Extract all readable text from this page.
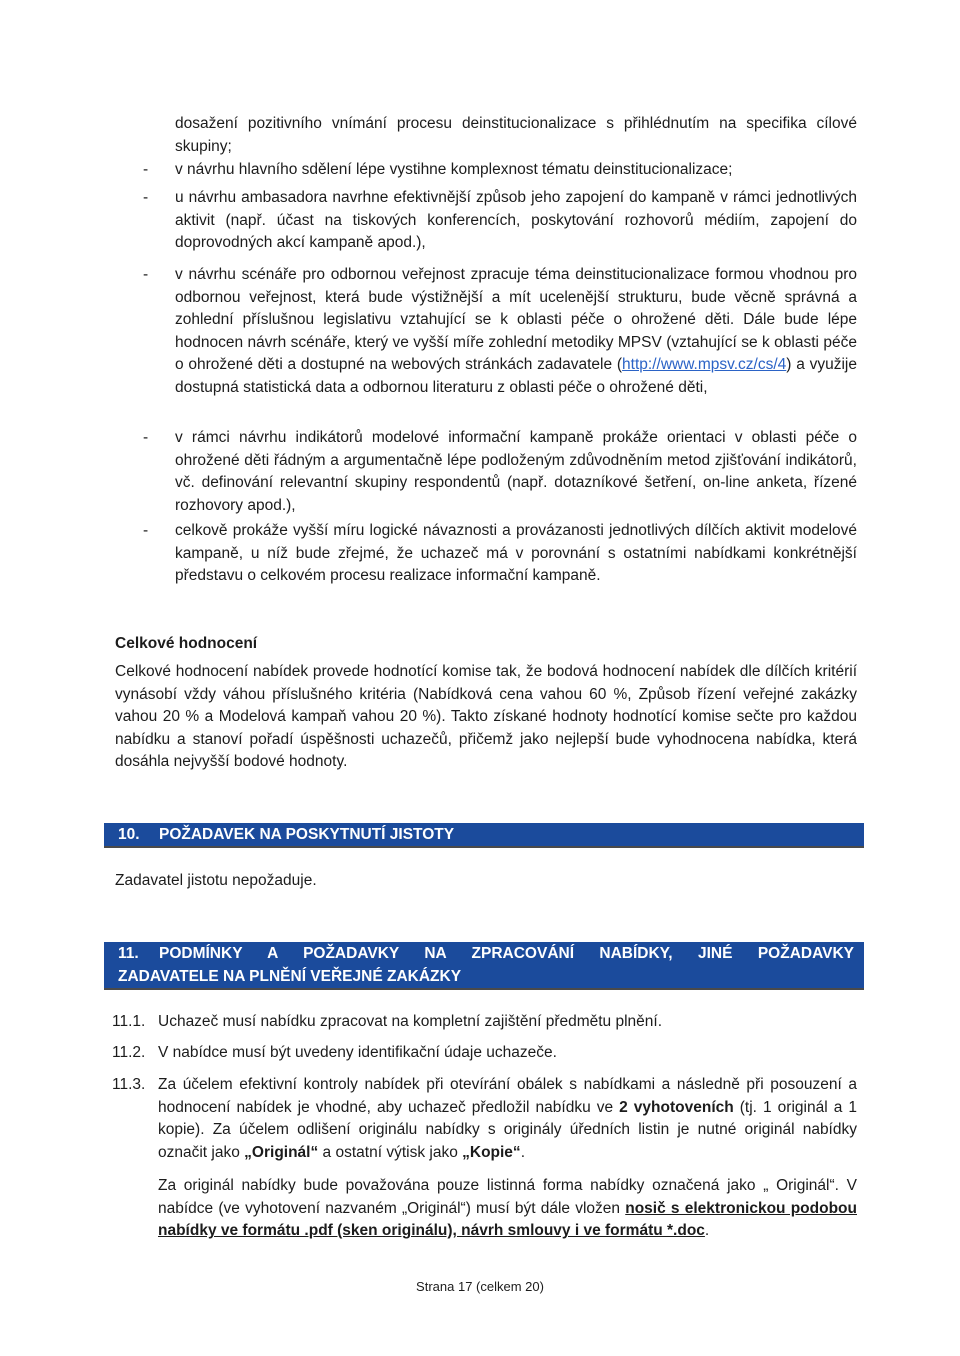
dosažení pozitivního vnímání procesu deinstitucionalizace s přihlédnutím na specifika cílové skupiny;
- v návrhu hlavního sdělení lépe vystihne komplexnost tématu deinstitucionalizace;
- u návrhu ambasadora navrhne efektivnější způsob jeho zapojení do kampaně v rámci jednotlivých aktivit (např. účast na tiskových konferencích, poskytování rozhovorů médiím, zapojení do doprovodných akcí kampaně apod.),
- v návrhu scénáře pro odbornou veřejnost zpracuje téma deinstitucionalizace formou vhodnou pro odbornou veřejnost, která bude výstižnější a mít ucelenější strukturu, bude věcně správná a zohlední příslušnou legislativu vztahující se k oblasti péče o ohrožené děti. Dále bude lépe hodnocen návrh scénáře, který ve vyšší míře zohlední metodiky MPSV (vztahující se k oblasti péče o ohrožené děti a dostupné na webových stránkách zadavatele (http://www.mpsv.cz/cs/4) a využije dostupná statistická data a odbornou literaturu z oblasti péče o ohrožené děti,
- v rámci návrhu indikátorů modelové informační kampaně prokáže orientaci v oblasti péče o ohrožené děti řádným a argumentačně lépe podloženým zdůvodněním metod zjišťování indikátorů, vč. definování relevantní skupiny respondentů (např. dotazníkové šetření, on-line anketa, řízené rozhovory apod.),
- celkově prokáže vyšší míru logické návaznosti a provázanosti jednotlivých dílčích aktivit modelové kampaně, u níž bude zřejmé, že uchazeč má v porovnání s ostatními nabídkami konkrétnější představu o celkovém procesu realizace informační kampaně.
Celkové hodnocení
Celkové hodnocení nabídek provede hodnotící komise tak, že bodová hodnocení nabídek dle dílčích kritérií vynásobí vždy váhou příslušného kritéria (Nabídková cena vahou 60 %, Způsob řízení veřejné zakázky vahou 20 % a Modelová kampaň vahou 20 %). Takto získané hodnoty hodnotící komise sečte pro každou nabídku a stanoví pořadí úspěšnosti uchazečů, přičemž jako nejlepší bude vyhodnocena nabídka, která dosáhla nejvyšší bodové hodnoty.
10. POŽADAVEK NA POSKYTNUTÍ JISTOTY
Zadavatel jistotu nepožaduje.
11. PODMÍNKY A POŽADAVKY NA ZPRACOVÁNÍ NABÍDKY, JINÉ POŽADAVKY
ZADAVATELE NA PLNĚNÍ VEŘEJNÉ ZAKÁZKY
11.1. Uchazeč musí nabídku zpracovat na kompletní zajištění předmětu plnění.
11.2. V nabídce musí být uvedeny identifikační údaje uchazeče.
11.3. Za účelem efektivní kontroly nabídek při otevírání obálek s nabídkami a následně při posouzení a hodnocení nabídek je vhodné, aby uchazeč předložil nabídku ve 2 vyhotoveních (tj. 1 originál a 1 kopie). Za účelem odlišení originálu nabídky s originály úředních listin je nutné originál nabídky označit jako „Originál“ a ostatní výtisk jako „Kopie“.
Za originál nabídky bude považována pouze listinná forma nabídky označená jako „ Originál“. V nabídce (ve vyhotovení nazvaném „Originál“) musí být dále vložen nosič s elektronickou podobou nabídky ve formátu .pdf (sken originálu), návrh smlouvy i ve formátu *.doc.
Strana 17 (celkem 20)
